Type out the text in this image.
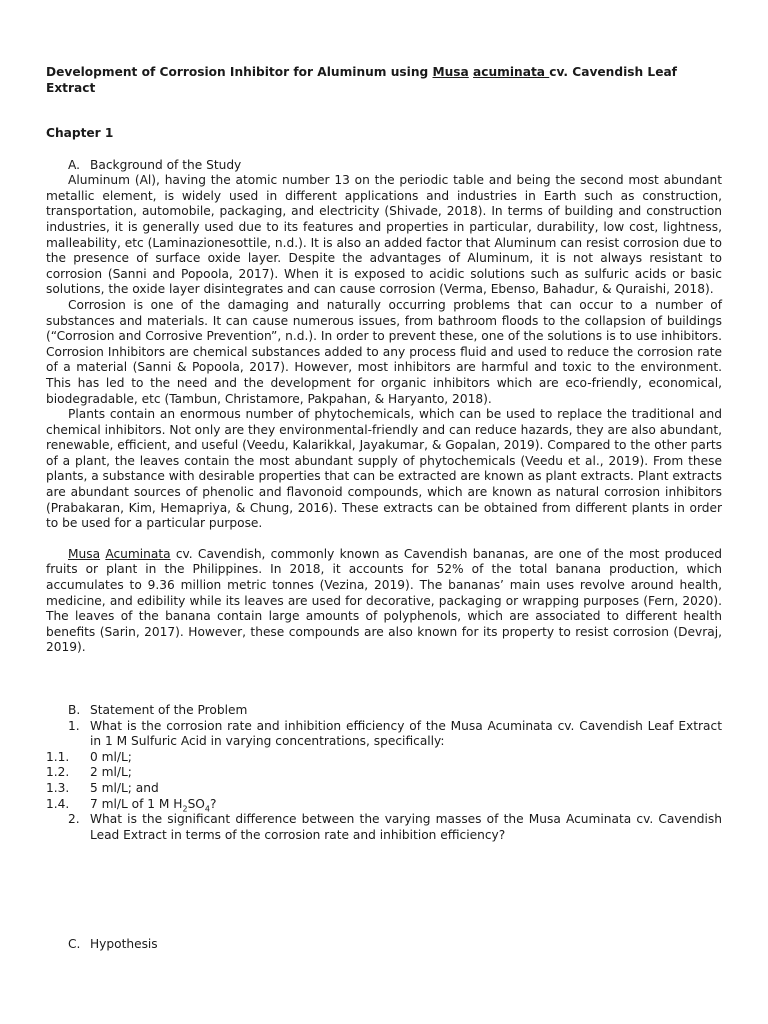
Development of Corrosion Inhibitor for Aluminum using Musa acuminata cv. Cavendish Leaf Extract

Chapter 1
A. Background of the Study

Aluminum (Al), having the atomic number 13 on the periodic table and being the second most abundant metallic element, is widely used in different applications and industries in Earth such as construction, transportation, automobile, packaging, and electricity (Shivade, 2018). In terms of building and construction industries, it is generally used due to its features and properties in particular, durability, low cost, lightness, malleability, etc (Laminazionesottile, n.d.). It is also an added factor that Aluminum can resist corrosion due to the presence of surface oxide layer. Despite the advantages of Aluminum, it is not always resistant to corrosion (Sanni and Popoola, 2017). When it is exposed to acidic solutions such as sulfuric acids or basic solutions, the oxide layer disintegrates and can cause corrosion (Verma, Ebenso, Bahadur, & Quraishi, 2018).

Corrosion is one of the damaging and naturally occurring problems that can occur to a number of substances and materials. It can cause numerous issues, from bathroom floods to the collapsion of buildings (“Corrosion and Corrosive Prevention”, n.d.). In order to prevent these, one of the solutions is to use inhibitors. Corrosion Inhibitors are chemical substances added to any process fluid and used to reduce the corrosion rate of a material (Sanni & Popoola, 2017). However, most inhibitors are harmful and toxic to the environment. This has led to the need and the development for organic inhibitors which are eco-friendly, economical, biodegradable, etc (Tambun, Christamore, Pakpahan, & Haryanto, 2018).

Plants contain an enormous number of phytochemicals, which can be used to replace the traditional and chemical inhibitors. Not only are they environmental-friendly and can reduce hazards, they are also abundant, renewable, efficient, and useful (Veedu, Kalarikkal, Jayakumar, & Gopalan, 2019). Compared to the other parts of a plant, the leaves contain the most abundant supply of phytochemicals (Veedu et al., 2019). From these plants, a substance with desirable properties that can be extracted are known as plant extracts. Plant extracts are abundant sources of phenolic and flavonoid compounds, which are known as natural corrosion inhibitors (Prabakaran, Kim, Hemapriya, & Chung, 2016). These extracts can be obtained from different plants in order to be used for a particular purpose.

Musa Acuminata cv. Cavendish, commonly known as Cavendish bananas, are one of the most produced fruits or plant in the Philippines. In 2018, it accounts for 52% of the total banana production, which accumulates to 9.36 million metric tonnes (Vezina, 2019). The bananas’ main uses revolve around health, medicine, and edibility while its leaves are used for decorative, packaging or wrapping purposes (Fern, 2020). The leaves of the banana contain large amounts of polyphenols, which are associated to different health benefits (Sarin, 2017). However, these compounds are also known for its property to resist corrosion (Devraj, 2019).

B. Statement of the Problem
1. What is the corrosion rate and inhibition efficiency of the Musa Acuminata cv. Cavendish Leaf Extract in 1 M Sulfuric Acid in varying concentrations, specifically:
1.1. 0 ml/L;
1.2. 2 ml/L;
1.3. 5 ml/L; and
1.4. 7 ml/L of 1 M $H_2SO_4$?
2. What is the significant difference between the varying masses of the Musa Acuminata cv. Cavendish Lead Extract in terms of the corrosion rate and inhibition efficiency?
C. Hypothesis
